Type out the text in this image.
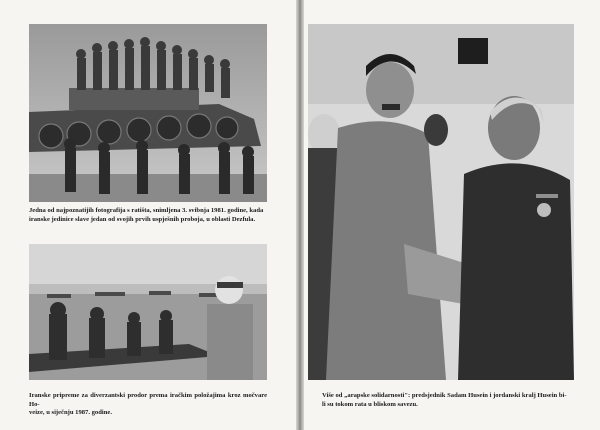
Jedna od najpoznatijih fotografija s ratišta, snimljena 3. svibnja 1981. godine, kada
iranske jedinice slave jedan od svojih prvih uspješnih proboja, u oblasti Dezfula.

Iranske pripreme za diverzantski prodor prema iračkim položajima kroz močvare Ho-
veize, u siječnju 1987. godine.

Više od „arapske solidarnosti": predsjednik Sadam Husein i jordanski kralj Husein bi-
li su tokom rata u bliskom savezu.
